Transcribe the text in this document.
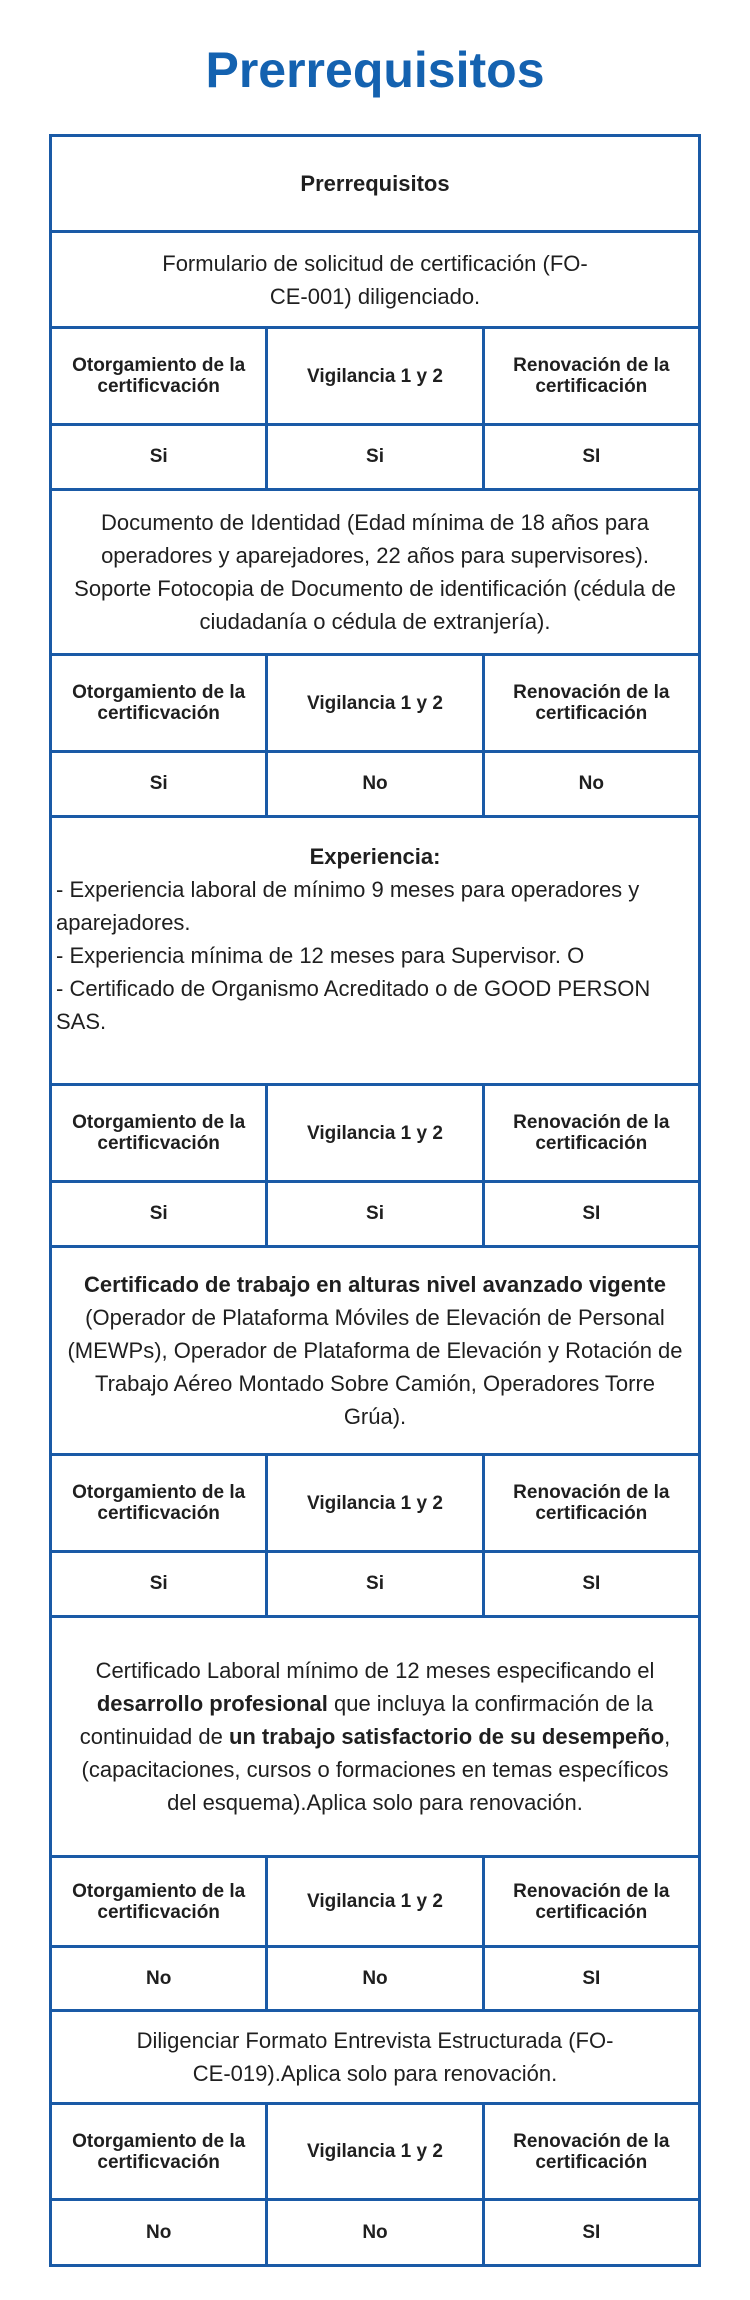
Prerrequisitos
Prerrequisitos
Formulario de solicitud de certificación (FO-CE-001) diligenciado.
Otorgamiento de la certificvación	Vigilancia 1 y 2	Renovación de la certificación
Si	Si	SI
Documento de Identidad (Edad mínima de 18 años para operadores y aparejadores, 22 años para supervisores). Soporte Fotocopia de Documento de identificación (cédula de ciudadanía o cédula de extranjería).
Otorgamiento de la certificvación	Vigilancia 1 y 2	Renovación de la certificación
Si	No	No
Experiencia:
- Experiencia laboral de mínimo 9 meses para operadores y aparejadores.
- Experiencia mínima de 12 meses para Supervisor. O
- Certificado de Organismo Acreditado o de GOOD PERSON SAS.
Otorgamiento de la certificvación	Vigilancia 1 y 2	Renovación de la certificación
Si	Si	SI
Certificado de trabajo en alturas nivel avanzado vigente (Operador de Plataforma Móviles de Elevación de Personal (MEWPs), Operador de Plataforma de Elevación y Rotación de Trabajo Aéreo Montado Sobre Camión, Operadores Torre Grúa).
Otorgamiento de la certificvación	Vigilancia 1 y 2	Renovación de la certificación
Si	Si	SI
Certificado Laboral mínimo de 12 meses especificando el desarrollo profesional que incluya la confirmación de la continuidad de un trabajo satisfactorio de su desempeño, (capacitaciones, cursos o formaciones en temas específicos del esquema).Aplica solo para renovación.
Otorgamiento de la certificvación	Vigilancia 1 y 2	Renovación de la certificación
No	No	SI
Diligenciar Formato Entrevista Estructurada (FO-CE-019).Aplica solo para renovación.
Otorgamiento de la certificvación	Vigilancia 1 y 2	Renovación de la certificación
No	No	SI
